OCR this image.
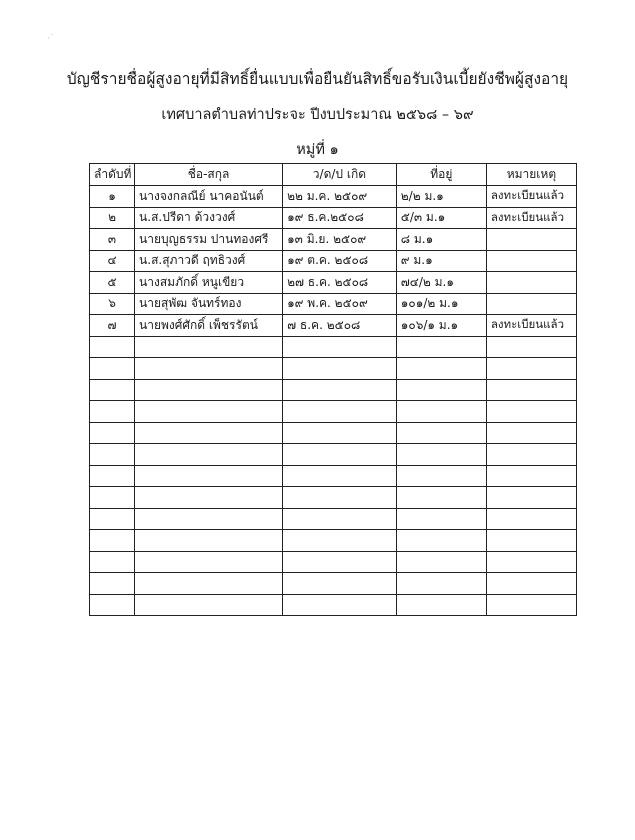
·˙
บัญชีรายชื่อผู้สูงอายุที่มีสิทธิ์ยื่นแบบเพื่อยืนยันสิทธิ์ขอรับเงินเบี้ยยังชีพผู้สูงอายุ
เทศบาลตำบลท่าประจะ ปีงบประมาณ ๒๕๖๘ – ๖๙
หมู่ที่ ๑
ลำดับที่	ชื่อ-สกุล	ว/ด/ป เกิด	ที่อยู่	หมายเหตุ
๑	นางจงกลณีย์ นาคอนันต์	๒๒ ม.ค. ๒๕๐๙	๒/๒ ม.๑	ลงทะเบียนแล้ว
๒	น.ส.ปรีดา ด้วงวงศ์	๑๙ ธ.ค.๒๕๐๘	๕/๓ ม.๑	ลงทะเบียนแล้ว
๓	นายบุญธรรม ปานทองศรี	๑๓ มิ.ย. ๒๕๐๙	๘ ม.๑	
๔	น.ส.สุภาวดี ฤทธิวงศ์	๑๙ ต.ค. ๒๕๐๘	๙ ม.๑	
๕	นางสมภักดิ์ หนูเขียว	๒๗ ธ.ค. ๒๕๐๘	๗๔/๒ ม.๑	
๖	นายสุพัฒ จันทร์ทอง	๑๙ พ.ค. ๒๕๐๙	๑๐๑/๒ ม.๑	
๗	นายพงศ์ศักดิ์ เพ็ชรรัตน์	๗ ธ.ค. ๒๕๐๘	๑๐๖/๑ ม.๑	ลงทะเบียนแล้ว
